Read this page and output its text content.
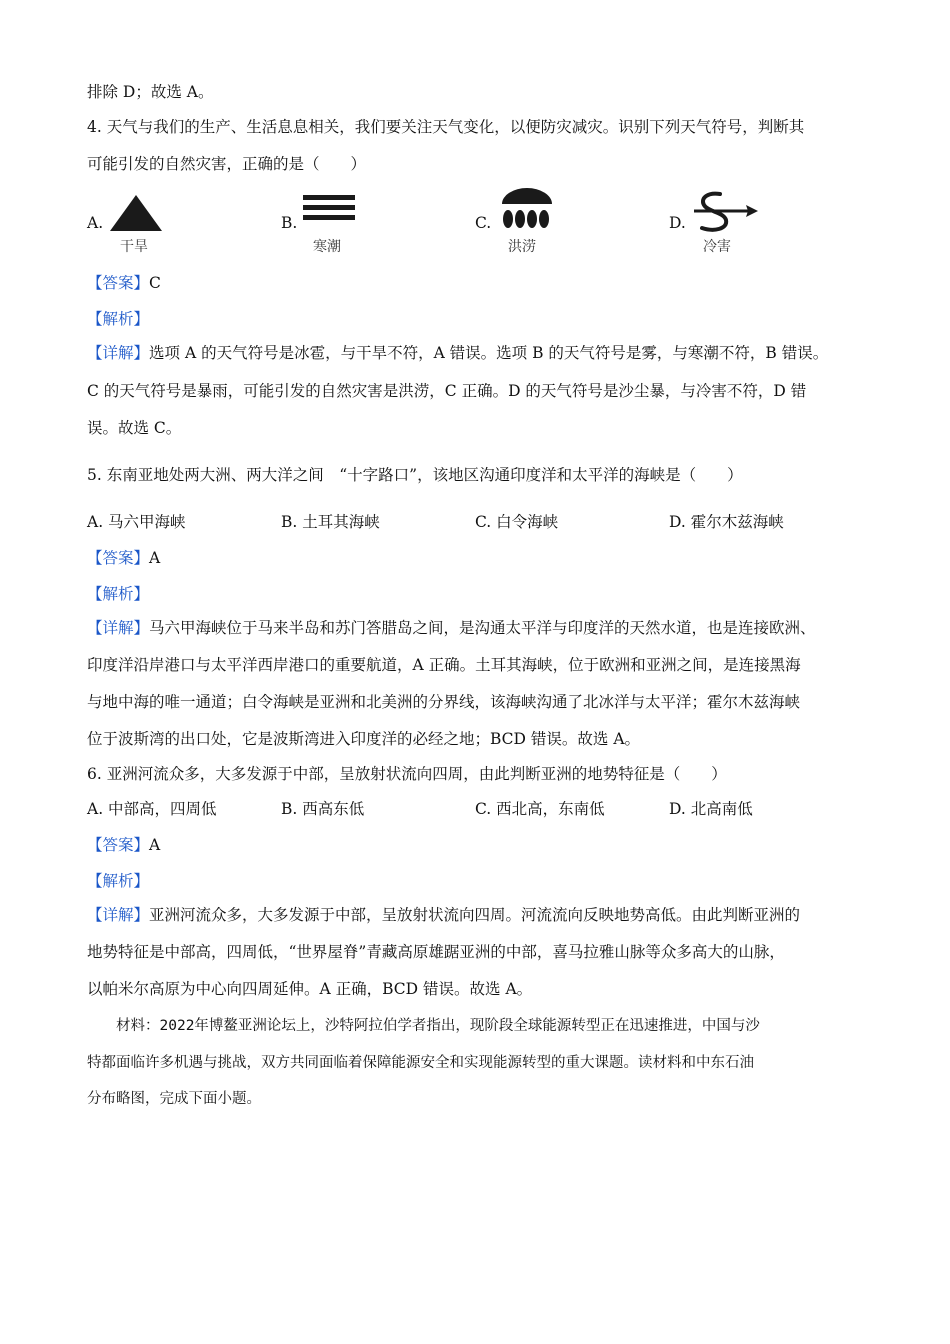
排除 D；故选 A。
4. 天气与我们的生产、生活息息相关，我们要关注天气变化，以便防灾减灾。识别下列天气符号，判断其
可能引发的自然灾害，正确的是（　　）
A.
干旱
B.
寒潮
C.
洪涝
D.
冷害
【答案】C
【解析】
【详解】选项 A 的天气符号是冰雹，与干旱不符，A 错误。选项 B 的天气符号是雾，与寒潮不符，B 错误。
C 的天气符号是暴雨，可能引发的自然灾害是洪涝，C 正确。D 的天气符号是沙尘暴，与冷害不符，D 错
误。故选 C。
5. 东南亚地处两大洲、两大洋之间　“十字路口”，该地区沟通印度洋和太平洋的海峡是（　　）
A. 马六甲海峡	B. 土耳其海峡	C. 白令海峡	D. 霍尔木兹海峡
【答案】A
【解析】
【详解】马六甲海峡位于马来半岛和苏门答腊岛之间，是沟通太平洋与印度洋的天然水道，也是连接欧洲、
印度洋沿岸港口与太平洋西岸港口的重要航道，A 正确。土耳其海峡，位于欧洲和亚洲之间，是连接黑海
与地中海的唯一通道；白令海峡是亚洲和北美洲的分界线，该海峡沟通了北冰洋与太平洋；霍尔木兹海峡
位于波斯湾的出口处，它是波斯湾进入印度洋的必经之地；BCD 错误。故选 A。
6. 亚洲河流众多，大多发源于中部，呈放射状流向四周，由此判断亚洲的地势特征是（　　）
A. 中部高，四周低	B. 西高东低	C. 西北高，东南低	D. 北高南低
【答案】A
【解析】
【详解】亚洲河流众多，大多发源于中部，呈放射状流向四周。河流流向反映地势高低。由此判断亚洲的
地势特征是中部高，四周低，“世界屋脊”青藏高原雄踞亚洲的中部，喜马拉雅山脉等众多高大的山脉，
以帕米尔高原为中心向四周延伸。A 正确，BCD 错误。故选 A。
　　材料：2022年博鳌亚洲论坛上，沙特阿拉伯学者指出，现阶段全球能源转型正在迅速推进，中国与沙
特都面临许多机遇与挑战，双方共同面临着保障能源安全和实现能源转型的重大课题。读材料和中东石油
分布略图，完成下面小题。
